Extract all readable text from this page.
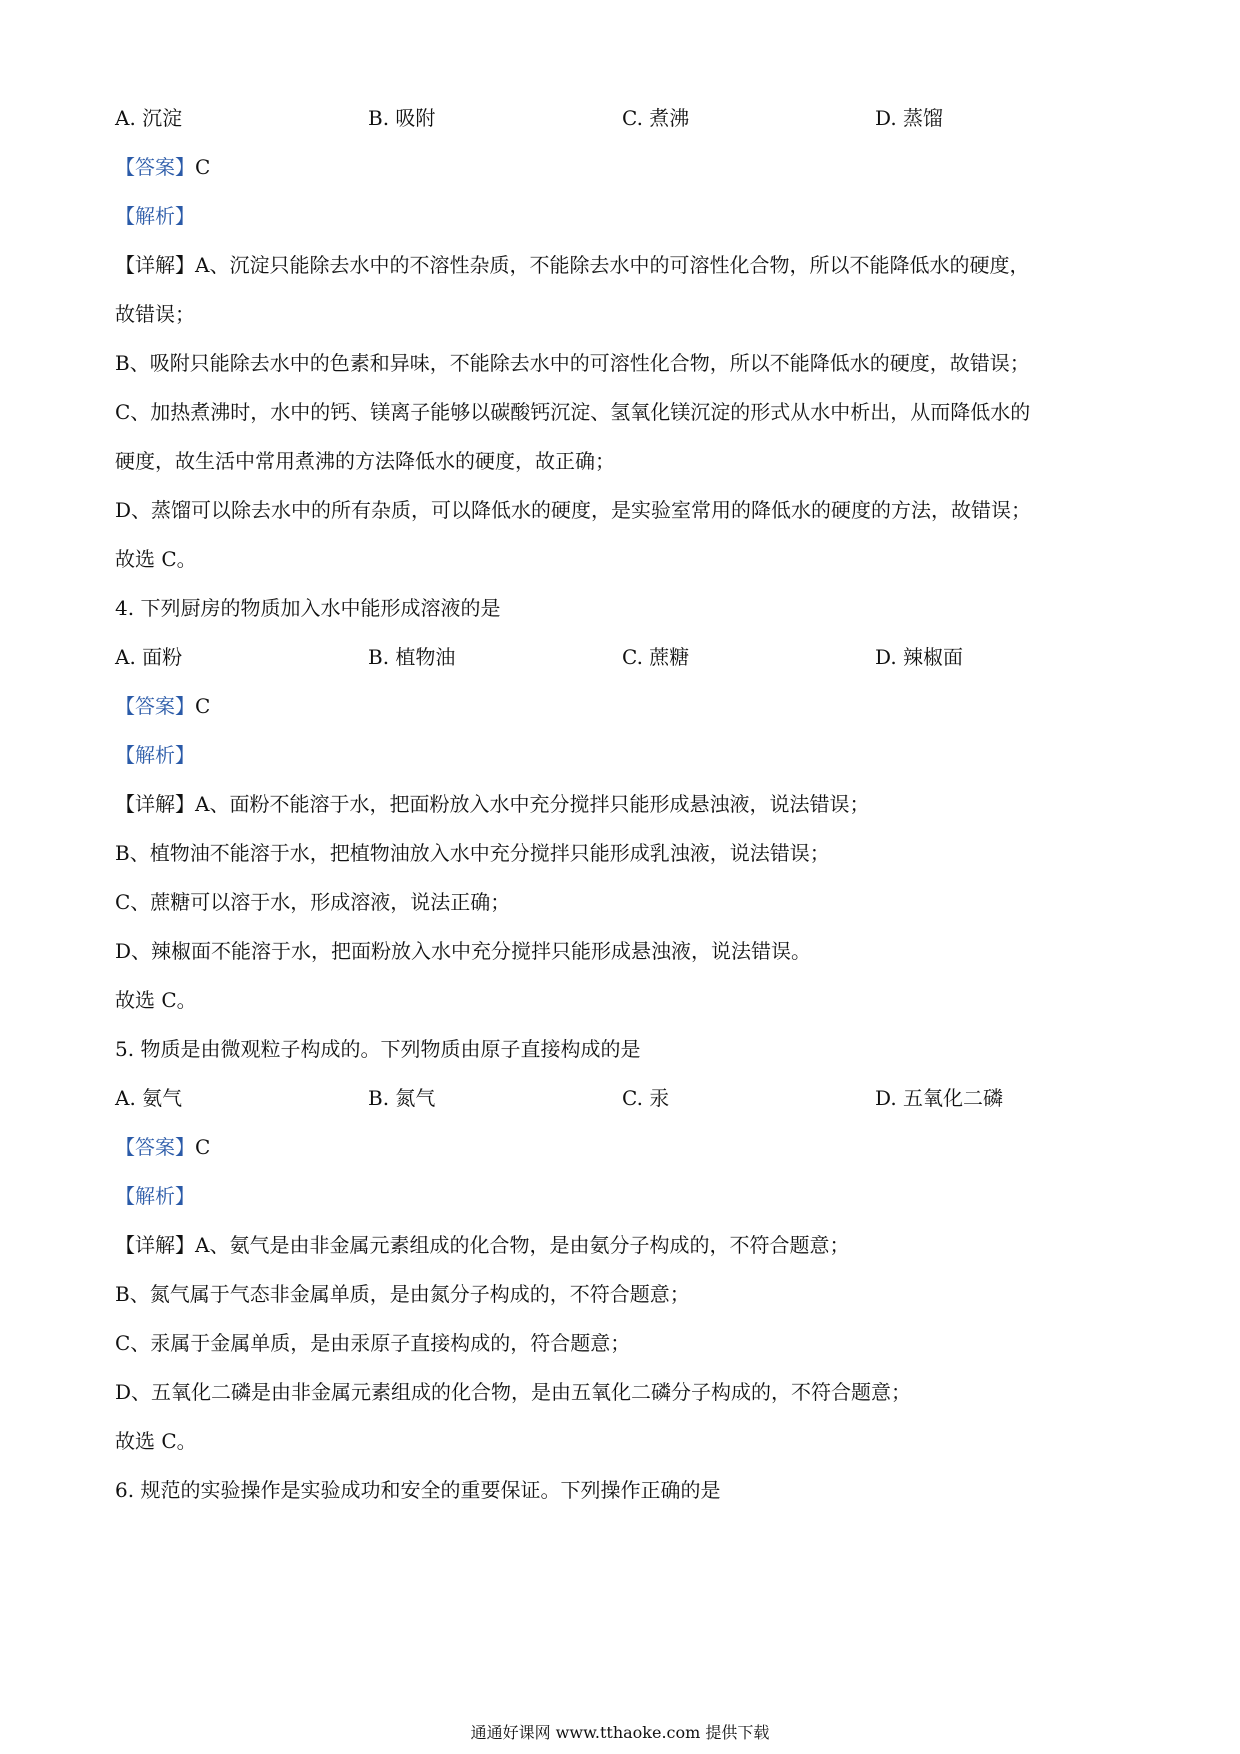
A. 沉淀	B. 吸附	C. 煮沸	D. 蒸馏
【答案】C
【解析】
【详解】A、沉淀只能除去水中的不溶性杂质，不能除去水中的可溶性化合物，所以不能降低水的硬度，
故错误；
B、吸附只能除去水中的色素和异味，不能除去水中的可溶性化合物，所以不能降低水的硬度，故错误；
C、加热煮沸时，水中的钙、镁离子能够以碳酸钙沉淀、氢氧化镁沉淀的形式从水中析出，从而降低水的
硬度，故生活中常用煮沸的方法降低水的硬度，故正确；
D、蒸馏可以除去水中的所有杂质，可以降低水的硬度，是实验室常用的降低水的硬度的方法，故错误；
故选 C。
4. 下列厨房的物质加入水中能形成溶液的是
A. 面粉	B. 植物油	C. 蔗糖	D. 辣椒面
【答案】C
【解析】
【详解】A、面粉不能溶于水，把面粉放入水中充分搅拌只能形成悬浊液，说法错误；
B、植物油不能溶于水，把植物油放入水中充分搅拌只能形成乳浊液，说法错误；
C、蔗糖可以溶于水，形成溶液，说法正确；
D、辣椒面不能溶于水，把面粉放入水中充分搅拌只能形成悬浊液，说法错误。
故选 C。
5. 物质是由微观粒子构成的。下列物质由原子直接构成的是
A. 氨气	B. 氮气	C. 汞	D. 五氧化二磷
【答案】C
【解析】
【详解】A、氨气是由非金属元素组成的化合物，是由氨分子构成的，不符合题意；
B、氮气属于气态非金属单质，是由氮分子构成的，不符合题意；
C、汞属于金属单质，是由汞原子直接构成的，符合题意；
D、五氧化二磷是由非金属元素组成的化合物，是由五氧化二磷分子构成的，不符合题意；
故选 C。
6. 规范的实验操作是实验成功和安全的重要保证。下列操作正确的是
通通好课网 www.tthaoke.com 提供下载
